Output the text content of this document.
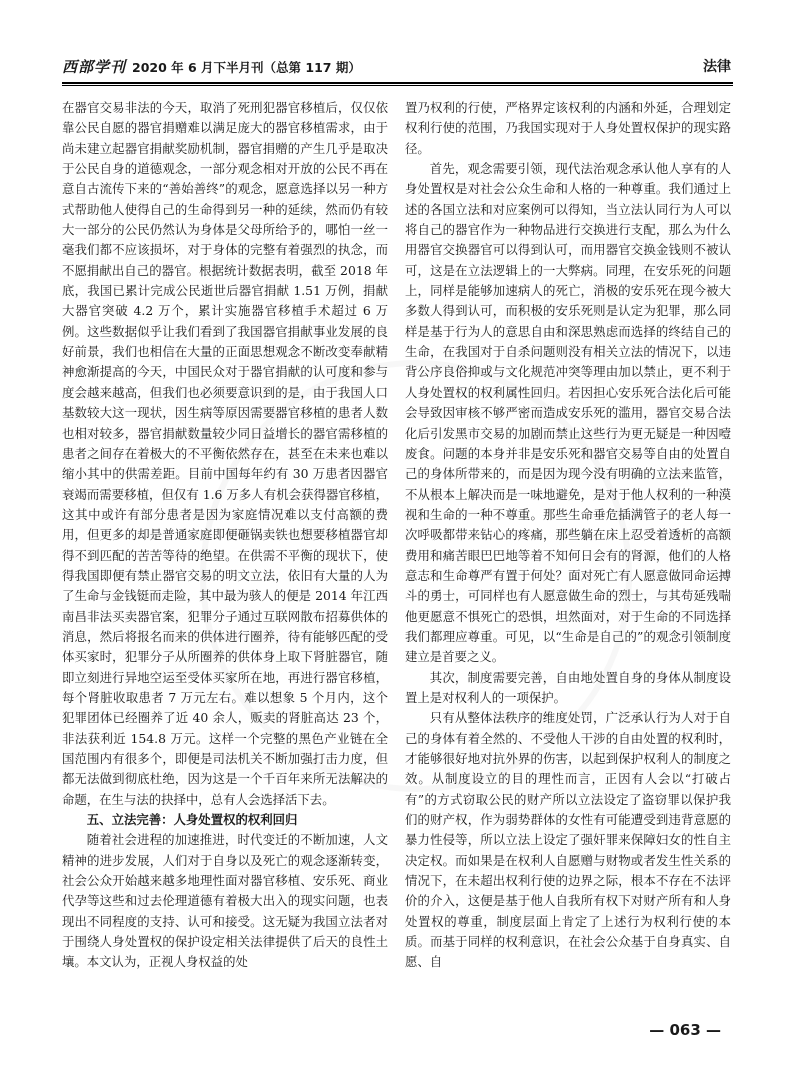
西部学刊 2020 年 6 月下半月刊（总第 117 期）	法律

在器官交易非法的今天，取消了死刑犯器官移植后，仅仅依靠公民自愿的器官捐赠难以满足庞大的器官移植需求，由于尚未建立起器官捐献奖励机制，器官捐赠的产生几乎是取决于公民自身的道德观念，一部分观念相对开放的公民不再在意自古流传下来的“善始善终”的观念，愿意选择以另一种方式帮助他人使得自己的生命得到另一种的延续，然而仍有较大一部分的公民仍然认为身体是父母所给予的，哪怕一丝一毫我们都不应该损坏，对于身体的完整有着强烈的执念，而不愿捐献出自己的器官。根据统计数据表明，截至 2018 年底，我国已累计完成公民逝世后器官捐献 1.51 万例，捐献大器官突破 4.2 万个，累计实施器官移植手术超过 6 万例。这些数据似乎让我们看到了我国器官捐献事业发展的良好前景，我们也相信在大量的正面思想观念不断改变奉献精神愈渐提高的今天，中国民众对于器官捐献的认可度和参与度会越来越高，但我们也必须要意识到的是，由于我国人口基数较大这一现状，因生病等原因需要器官移植的患者人数也相对较多，器官捐献数量较少同日益增长的器官需移植的患者之间存在着极大的不平衡依然存在，甚至在未来也难以缩小其中的供需差距。目前中国每年约有 30 万患者因器官衰竭而需要移植，但仅有 1.6 万多人有机会获得器官移植，这其中或许有部分患者是因为家庭情况难以支付高额的费用，但更多的却是普通家庭即便砸锅卖铁也想要移植器官却得不到匹配的苦苦等待的绝望。在供需不平衡的现状下，使得我国即便有禁止器官交易的明文立法，依旧有大量的人为了生命与金钱铤而走险，其中最为骇人的便是 2014 年江西南昌非法买卖器官案，犯罪分子通过互联网散布招募供体的消息，然后将报名而来的供体进行圈养，待有能够匹配的受体买家时，犯罪分子从所圈养的供体身上取下肾脏器官，随即立刻进行异地空运至受体买家所在地，再进行器官移植，每个肾脏收取患者 7 万元左右。难以想象 5 个月内，这个犯罪团体已经圈养了近 40 余人，贩卖的肾脏高达 23 个，非法获利近 154.8 万元。这样一个完整的黑色产业链在全国范围内有很多个，即便是司法机关不断加强打击力度，但都无法做到彻底杜绝，因为这是一个千百年来所无法解决的命题，在生与法的抉择中，总有人会选择活下去。

五、立法完善：人身处置权的权利回归

随着社会进程的加速推进，时代变迁的不断加速，人文精神的进步发展，人们对于自身以及死亡的观念逐渐转变，社会公众开始越来越多地理性面对器官移植、安乐死、商业代孕等这些和过去伦理道德有着极大出入的现实问题，也表现出不同程度的支持、认可和接受。这无疑为我国立法者对于围绕人身处置权的保护设定相关法律提供了后天的良性土壤。本文认为，正视人身权益的处

置乃权利的行使，严格界定该权利的内涵和外延，合理划定权利行使的范围，乃我国实现对于人身处置权保护的现实路径。

首先，观念需要引领，现代法治观念承认他人享有的人身处置权是对社会公众生命和人格的一种尊重。我们通过上述的各国立法和对应案例可以得知，当立法认同行为人可以将自己的器官作为一种物品进行交换进行支配，那么为什么用器官交换器官可以得到认可，而用器官交换金钱则不被认可，这是在立法逻辑上的一大弊病。同理，在安乐死的问题上，同样是能够加速病人的死亡，消极的安乐死在现今被大多数人得到认可，而积极的安乐死则是认定为犯罪，那么同样是基于行为人的意思自由和深思熟虑而选择的终结自己的生命，在我国对于自杀问题则没有相关立法的情况下，以违背公序良俗抑或与文化规范冲突等理由加以禁止，更不利于人身处置权的权利属性回归。若因担心安乐死合法化后可能会导致因审核不够严密而造成安乐死的滥用，器官交易合法化后引发黑市交易的加剧而禁止这些行为更无疑是一种因噎废食。问题的本身并非是安乐死和器官交易等自由的处置自己的身体所带来的，而是因为现今没有明确的立法来监管，不从根本上解决而是一味地避免，是对于他人权利的一种漠视和生命的一种不尊重。那些生命垂危插满管子的老人每一次呼吸都带来钻心的疼痛，那些躺在床上忍受着透析的高额费用和痛苦眼巴巴地等着不知何日会有的肾源，他们的人格意志和生命尊严有置于何处？面对死亡有人愿意做同命运搏斗的勇士，可同样也有人愿意做生命的烈士，与其苟延残喘他更愿意不惧死亡的恐惧，坦然面对，对于生命的不同选择我们都理应尊重。可见，以“生命是自己的”的观念引领制度建立是首要之义。

其次，制度需要完善，自由地处置自身的身体从制度设置上是对权利人的一项保护。

只有从整体法秩序的维度处罚，广泛承认行为人对于自己的身体有着全然的、不受他人干涉的自由处置的权利时，才能够很好地对抗外界的伤害，以起到保护权利人的制度之效。从制度设立的目的理性而言，正因有人会以“打破占有”的方式窃取公民的财产所以立法设定了盗窃罪以保护我们的财产权，作为弱势群体的女性有可能遭受到违背意愿的暴力性侵等，所以立法上设定了强奸罪来保障妇女的性自主决定权。而如果是在权利人自愿赠与财物或者发生性关系的情况下，在未超出权利行使的边界之际，根本不存在不法评价的介入，这便是基于他人自我所有权下对财产所有和人身处置权的尊重，制度层面上肯定了上述行为权利行使的本质。而基于同样的权利意识，在社会公众基于自身真实、自愿、自

— 063 —
